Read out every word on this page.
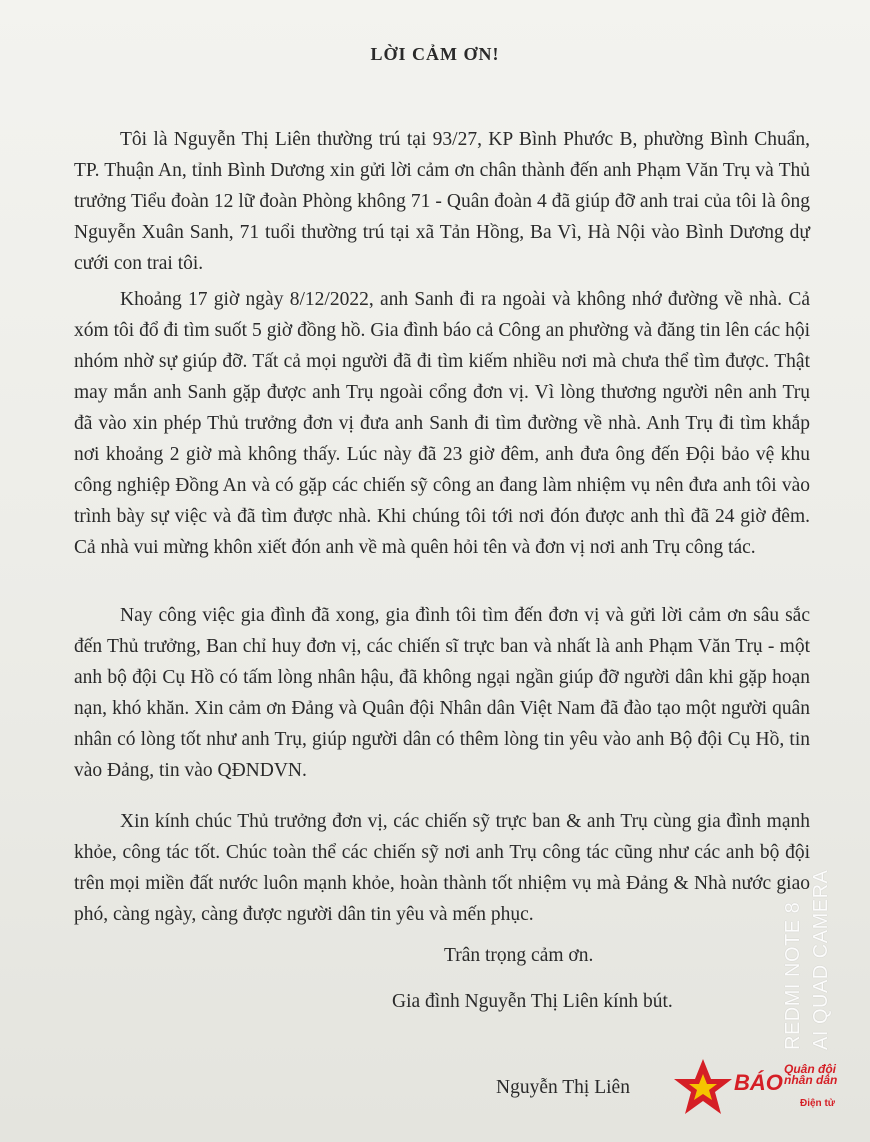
LỜI CẢM ƠN!
Tôi là Nguyễn Thị Liên thường trú tại 93/27, KP Bình Phước B, phường Bình Chuẩn, TP. Thuận An, tỉnh Bình Dương xin gửi lời cảm ơn chân thành đến anh Phạm Văn Trụ và Thủ trưởng Tiểu đoàn 12 lữ đoàn Phòng không 71 - Quân đoàn 4 đã giúp đỡ anh trai của tôi là ông Nguyễn Xuân Sanh, 71 tuổi thường trú tại xã Tản Hồng, Ba Vì, Hà Nội vào Bình Dương dự cưới con trai tôi.
Khoảng 17 giờ ngày 8/12/2022, anh Sanh đi ra ngoài và không nhớ đường về nhà. Cả xóm tôi đổ đi tìm suốt 5 giờ đồng hồ. Gia đình báo cả Công an phường và đăng tin lên các hội nhóm nhờ sự giúp đỡ. Tất cả mọi người đã đi tìm kiếm nhiều nơi mà chưa thể tìm được. Thật may mắn anh Sanh gặp được anh Trụ ngoài cổng đơn vị. Vì lòng thương người nên anh Trụ đã vào xin phép Thủ trưởng đơn vị đưa anh Sanh đi tìm đường về nhà. Anh Trụ đi tìm khắp nơi khoảng 2 giờ mà không thấy. Lúc này đã 23 giờ đêm, anh đưa ông đến Đội bảo vệ khu công nghiệp Đồng An và có gặp các chiến sỹ công an đang làm nhiệm vụ nên đưa anh tôi vào trình bày sự việc và đã tìm được nhà. Khi chúng tôi tới nơi đón được anh thì đã 24 giờ đêm. Cả nhà vui mừng khôn xiết đón anh về mà quên hỏi tên và đơn vị nơi anh Trụ công tác.
Nay công việc gia đình đã xong, gia đình tôi tìm đến đơn vị và gửi lời cảm ơn sâu sắc đến Thủ trưởng, Ban chỉ huy đơn vị, các chiến sĩ trực ban và nhất là anh Phạm Văn Trụ - một anh bộ đội Cụ Hồ có tấm lòng nhân hậu, đã không ngại ngần giúp đỡ người dân khi gặp hoạn nạn, khó khăn. Xin cảm ơn Đảng và Quân đội Nhân dân Việt Nam đã đào tạo một người quân nhân có lòng tốt như anh Trụ, giúp người dân có thêm lòng tin yêu vào anh Bộ đội Cụ Hồ, tin vào Đảng, tin vào QĐNDVN.
Xin kính chúc Thủ trưởng đơn vị, các chiến sỹ trực ban & anh Trụ cùng gia đình mạnh khỏe, công tác tốt. Chúc toàn thể các chiến sỹ nơi anh Trụ công tác cũng như các anh bộ đội trên mọi miền đất nước luôn mạnh khỏe, hoàn thành tốt nhiệm vụ mà Đảng & Nhà nước giao phó, càng ngày, càng được người dân tin yêu và mến phục.
Trân trọng cảm ơn.
Gia đình Nguyễn Thị Liên kính bút.
Nguyễn Thị Liên
REDMI NOTE 8 AI QUAD CAMERA
BÁO
Quân đội
nhân dân
Điện tử
